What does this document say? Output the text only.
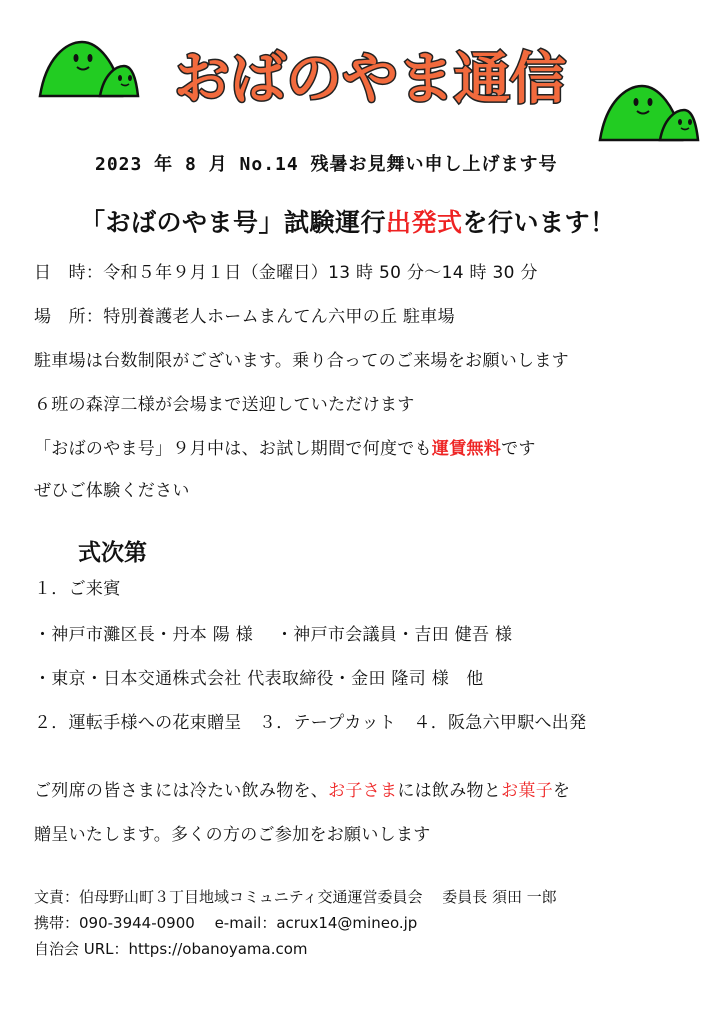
おばのやま通信
2023 年 8 月 No.14 残暑お見舞い申し上げます号
「おばのやま号」試験運行出発式を行います！
日　時：令和５年９月１日（金曜日）13 時 50 分～14 時 30 分
場　所：特別養護老人ホームまんてん六甲の丘 駐車場
駐車場は台数制限がございます。乗り合ってのご来場をお願いします
６班の森淳二様が会場まで送迎していただけます
「おばのやま号」９月中は、お試し期間で何度でも運賃無料です
ぜひご体験ください
式次第
１．ご来賓
・神戸市灘区長・丹本 陽 様　 ・神戸市会議員・吉田 健吾 様
・東京・日本交通株式会社 代表取締役・金田 隆司 様　他
２．運転手様への花束贈呈　３．テープカット　４．阪急六甲駅へ出発
ご列席の皆さまには冷たい飲み物を、お子さまには飲み物とお菓子を
贈呈いたします。多くの方のご参加をお願いします
文責：伯母野山町３丁目地域コミュニティ交通運営委員会　 委員長 須田 一郎
携帯：090-3944-0900　 e-mail：acrux14@mineo.jp
自治会 URL：https://obanoyama.com
